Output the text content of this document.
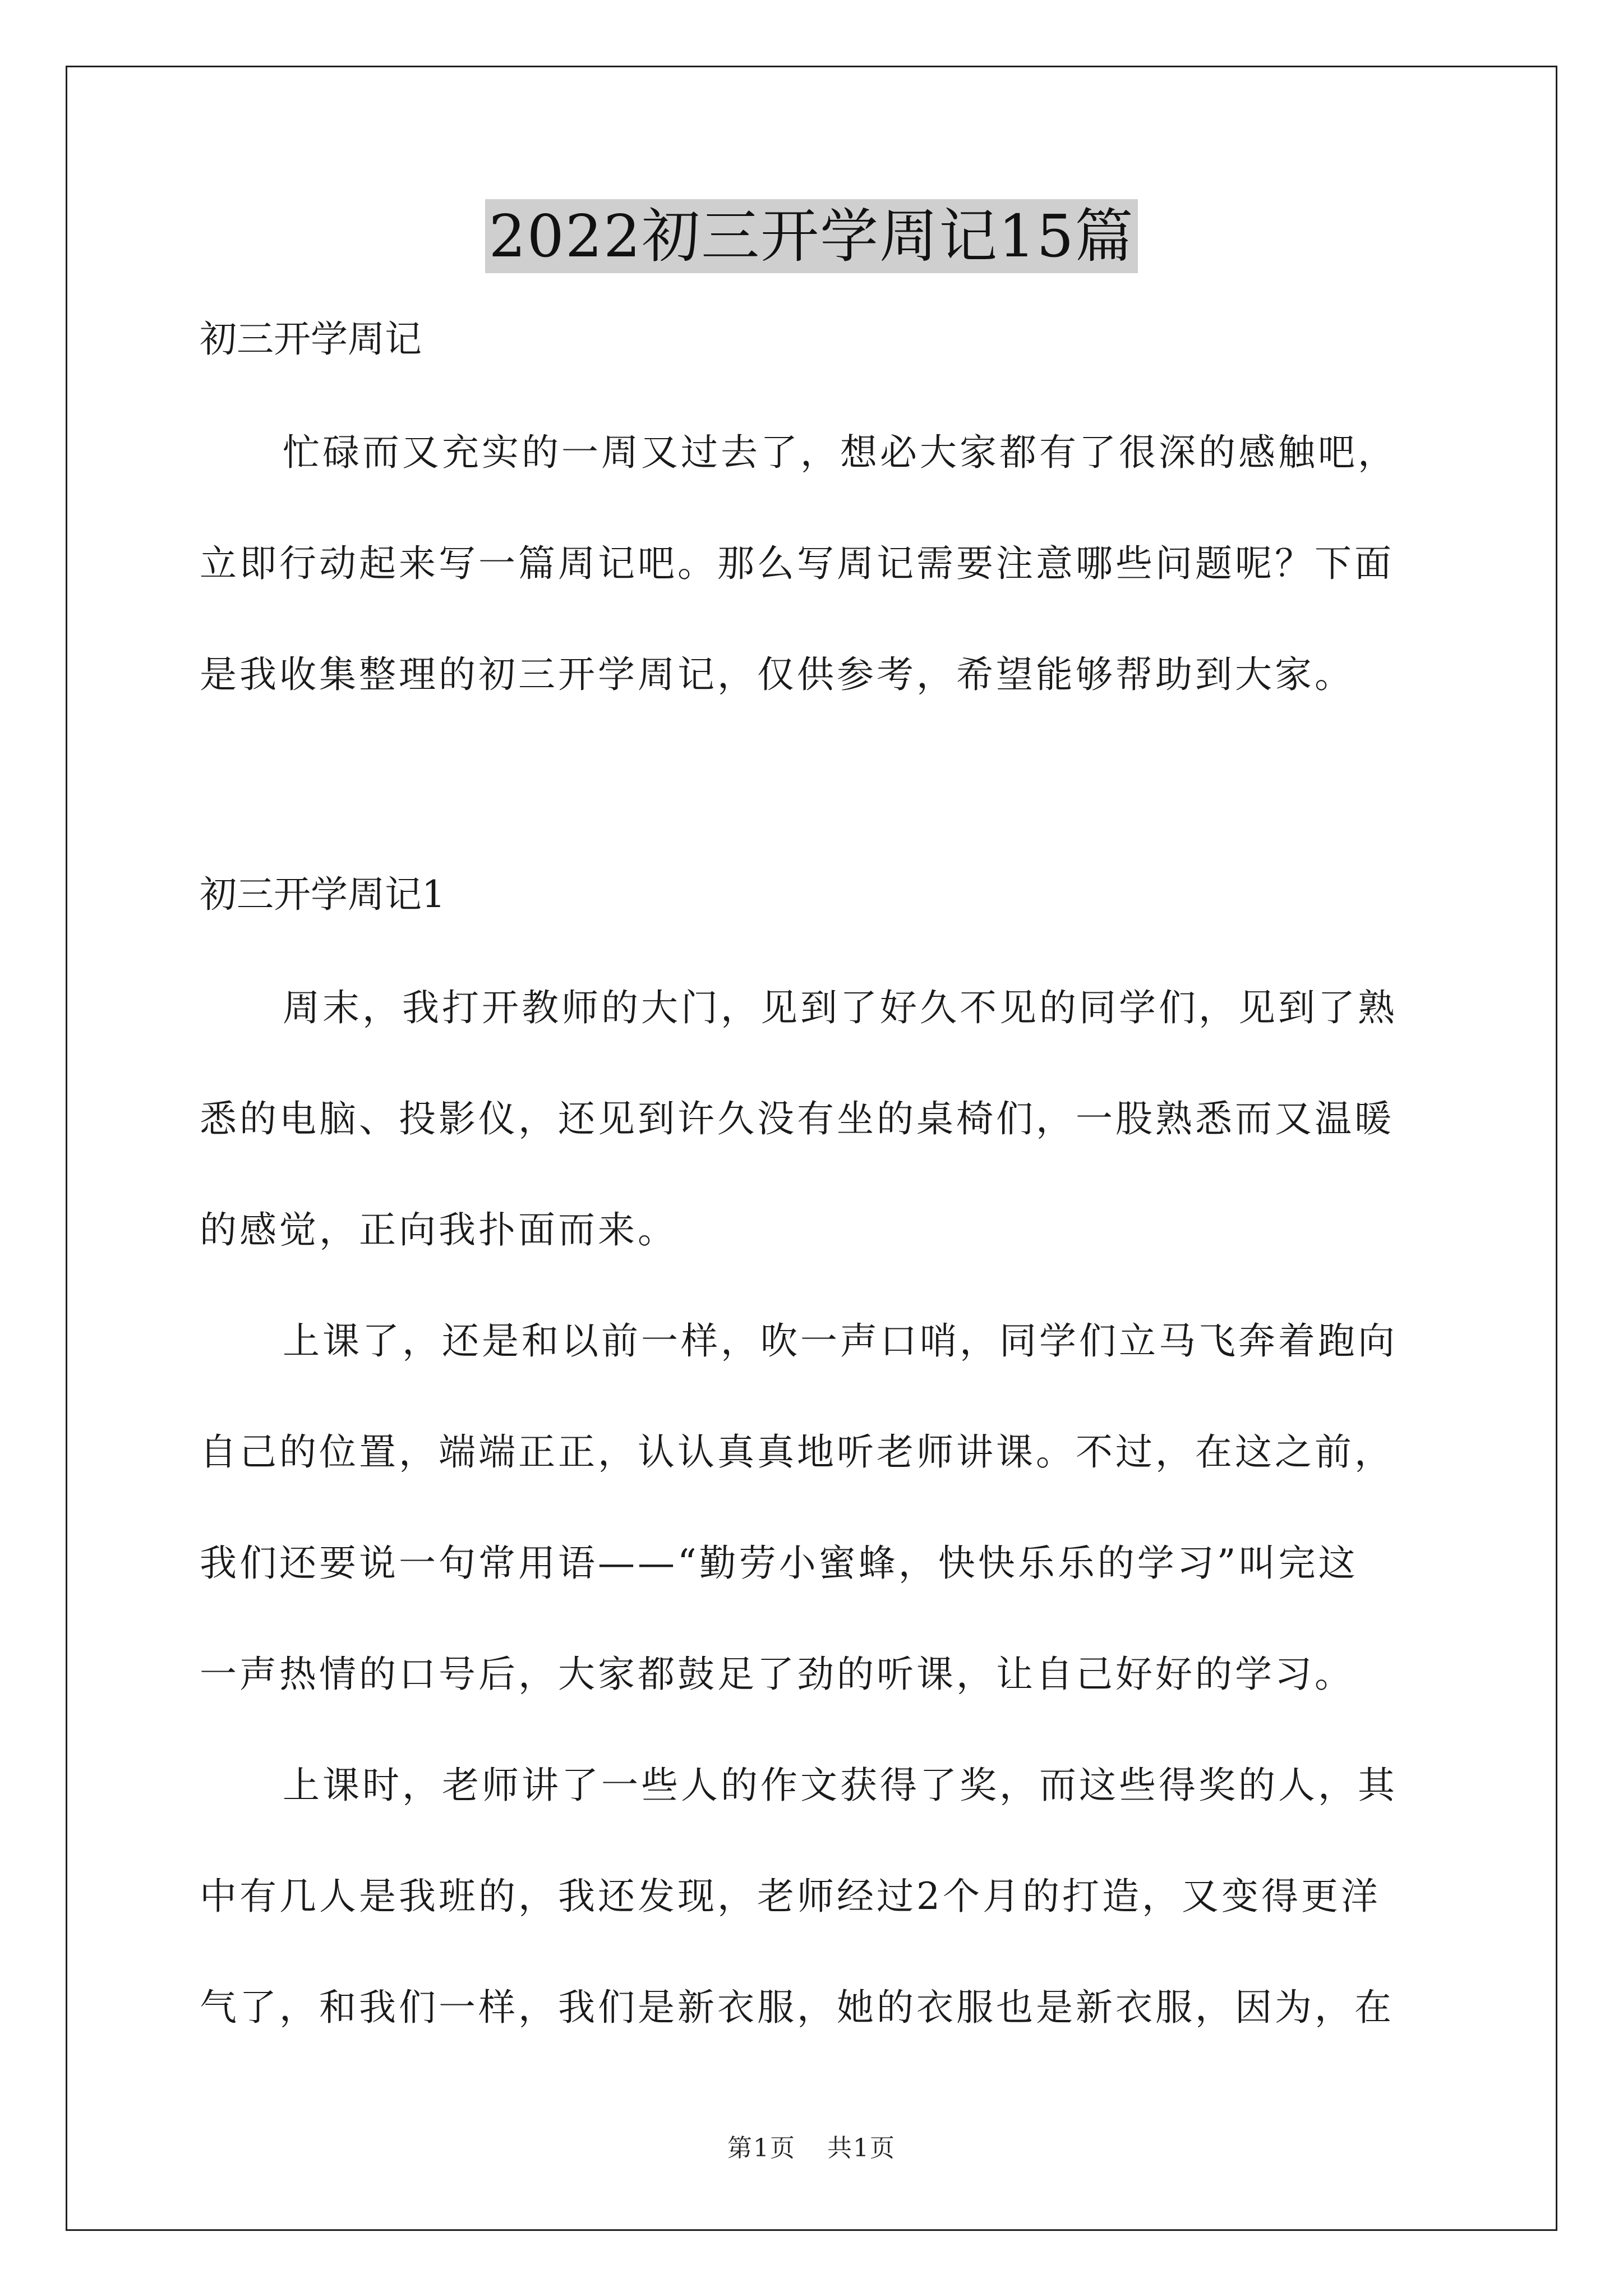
2022初三开学周记15篇
初三开学周记
忙碌而又充实的一周又过去了，想必大家都有了很深的感触吧，
立即行动起来写一篇周记吧。那么写周记需要注意哪些问题呢？下面
是我收集整理的初三开学周记，仅供参考，希望能够帮助到大家。
初三开学周记1
周末，我打开教师的大门，见到了好久不见的同学们，见到了熟
悉的电脑、投影仪，还见到许久没有坐的桌椅们，一股熟悉而又温暖
的感觉，正向我扑面而来。
上课了，还是和以前一样，吹一声口哨，同学们立马飞奔着跑向
自己的位置，端端正正，认认真真地听老师讲课。不过，在这之前，
我们还要说一句常用语——“勤劳小蜜蜂，快快乐乐的学习”叫完这
一声热情的口号后，大家都鼓足了劲的听课，让自己好好的学习。
上课时，老师讲了一些人的作文获得了奖，而这些得奖的人，其
中有几人是我班的，我还发现，老师经过2个月的打造，又变得更洋
气了，和我们一样，我们是新衣服，她的衣服也是新衣服，因为，在
第1页 共1页
